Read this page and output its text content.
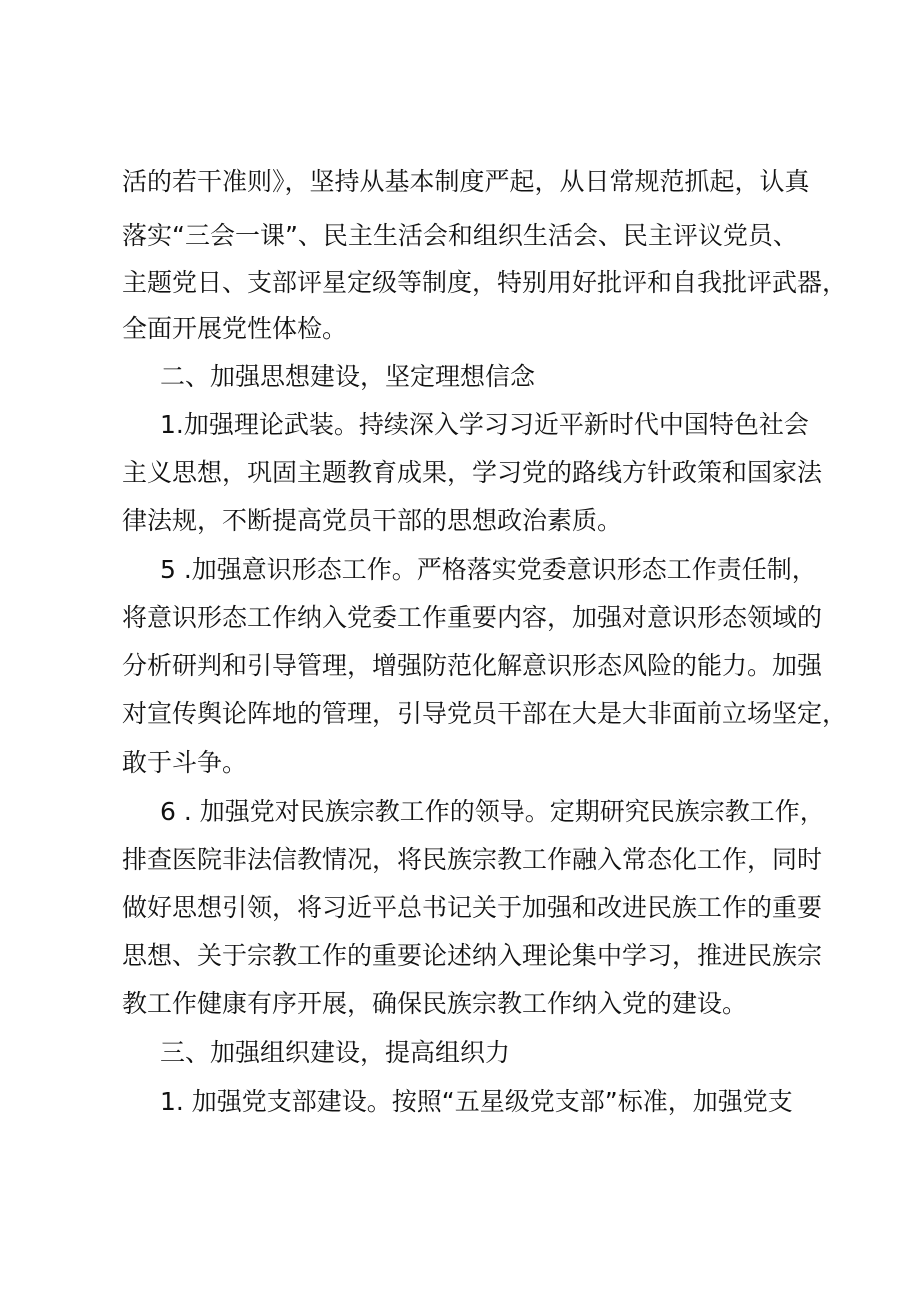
活的若干准则》，坚持从基本制度严起，从日常规范抓起，认真
落实“三会一课”、民主生活会和组织生活会、民主评议党员、
主题党日、支部评星定级等制度，特别用好批评和自我批评武器，
全面开展党性体检。
二、加强思想建设，坚定理想信念
1.加强理论武装。持续深入学习习近平新时代中国特色社会
主义思想，巩固主题教育成果，学习党的路线方针政策和国家法
律法规，不断提高党员干部的思想政治素质。
5 .加强意识形态工作。严格落实党委意识形态工作责任制，
将意识形态工作纳入党委工作重要内容，加强对意识形态领域的
分析研判和引导管理，增强防范化解意识形态风险的能力。加强
对宣传舆论阵地的管理，引导党员干部在大是大非面前立场坚定，
敢于斗争。
6 . 加强党对民族宗教工作的领导。定期研究民族宗教工作，
排查医院非法信教情况，将民族宗教工作融入常态化工作，同时
做好思想引领，将习近平总书记关于加强和改进民族工作的重要
思想、关于宗教工作的重要论述纳入理论集中学习，推进民族宗
教工作健康有序开展，确保民族宗教工作纳入党的建设。
三、加强组织建设，提高组织力
1. 加强党支部建设。按照“五星级党支部”标准，加强党支
